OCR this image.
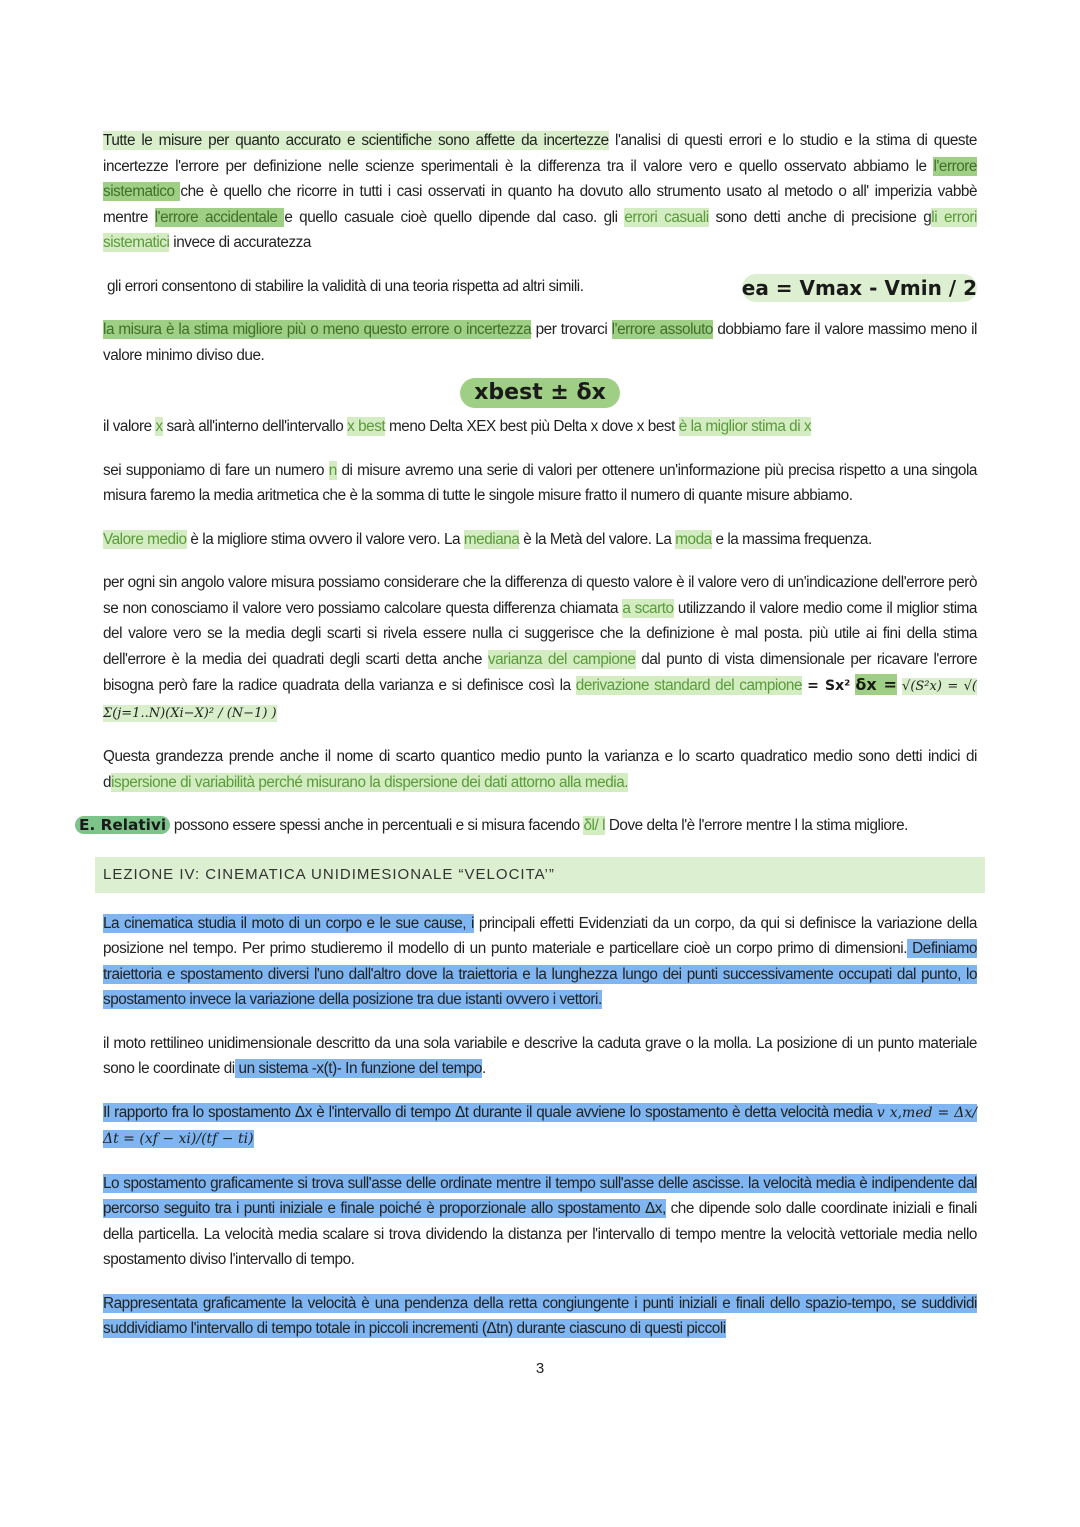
Tutte le misure per quanto accurato e scientifiche sono affette da incertezze l'analisi di questi errori e lo studio e la stima di queste incertezze l'errore per definizione nelle scienze sperimentali è la differenza tra il valore vero e quello osservato abbiamo le l'errore sistematico che è quello che ricorre in tutti i casi osservati in quanto ha dovuto allo strumento usato al metodo o all' imperizia vabbè mentre l'errore accidentale e quello casuale cioè quello dipende dal caso. gli errori casuali sono detti anche di precisione gli errori sistematici invece di accuratezza
ea = Vmax - Vmin / 2
gli errori consentono di stabilire la validità di una teoria rispetta ad altri simili.
la misura è la stima migliore più o meno questo errore o incertezza per trovarci l'errore assoluto dobbiamo fare il valore massimo meno il valore minimo diviso due.
xbest ± δx
il valore x sarà all'interno dell'intervallo x best meno Delta XEX best più Delta x dove x best è la miglior stima di x
sei supponiamo di fare un numero n di misure avremo una serie di valori per ottenere un'informazione più precisa rispetto a una singola misura faremo la media aritmetica che è la somma di tutte le singole misure fratto il numero di quante misure abbiamo.
Valore medio è la migliore stima ovvero il valore vero. La mediana è la Metà del valore. La moda e la massima frequenza.
per ogni sin angolo valore misura possiamo considerare che la differenza di questo valore è il valore vero di un'indicazione dell'errore però se non conosciamo il valore vero possiamo calcolare questa differenza chiamata a scarto utilizzando il valore medio come il miglior stima del valore vero se la media degli scarti si rivela essere nulla ci suggerisce che la definizione è mal posta. più utile ai fini della stima dell'errore è la media dei quadrati degli scarti detta anche varianza del campione dal punto di vista dimensionale per ricavare l'errore bisogna però fare la radice quadrata della varianza e si definisce così la derivazione standard del campione = Sx² δx = √(S²x) = √( Σ(j=1..N)(Xi−X)² / (N−1) )
Questa grandezza prende anche il nome di scarto quantico medio punto la varianza e lo scarto quadratico medio sono detti indici di dispersione di variabilità perché misurano la dispersione dei dati attorno alla media.
E. Relativi possono essere spessi anche in percentuali e si misura facendo δl/ l Dove delta l'è l'errore mentre l la stima migliore.
LEZIONE IV: CINEMATICA UNIDIMESIONALE “VELOCITA’”
La cinematica studia il moto di un corpo e le sue cause, i principali effetti Evidenziati da un corpo, da qui si definisce la variazione della posizione nel tempo. Per primo studieremo il modello di un punto materiale e particellare cioè un corpo primo di dimensioni. Definiamo traiettoria e spostamento diversi l'uno dall'altro dove la traiettoria e la lunghezza lungo dei punti successivamente occupati dal punto, lo spostamento invece la variazione della posizione tra due istanti ovvero i vettori.
il moto rettilineo unidimensionale descritto da una sola variabile e descrive la caduta grave o la molla. La posizione di un punto materiale sono le coordinate di un sistema -x(t)- In funzione del tempo.
Il rapporto fra lo spostamento Δx è l'intervallo di tempo Δt durante il quale avviene lo spostamento è detta velocità media v x,med = Δx/Δt = (xf − xi)/(tf − ti)
Lo spostamento graficamente si trova sull'asse delle ordinate mentre il tempo sull'asse delle ascisse. la velocità media è indipendente dal percorso seguito tra i punti iniziale e finale poiché è proporzionale allo spostamento Δx, che dipende solo dalle coordinate iniziali e finali della particella. La velocità media scalare si trova dividendo la distanza per l'intervallo di tempo mentre la velocità vettoriale media nello spostamento diviso l'intervallo di tempo.
Rappresentata graficamente la velocità è una pendenza della retta congiungente i punti iniziali e finali dello spazio-tempo, se suddividi suddividiamo l'intervallo di tempo totale in piccoli incrementi (Δtn) durante ciascuno di questi piccoli
3
